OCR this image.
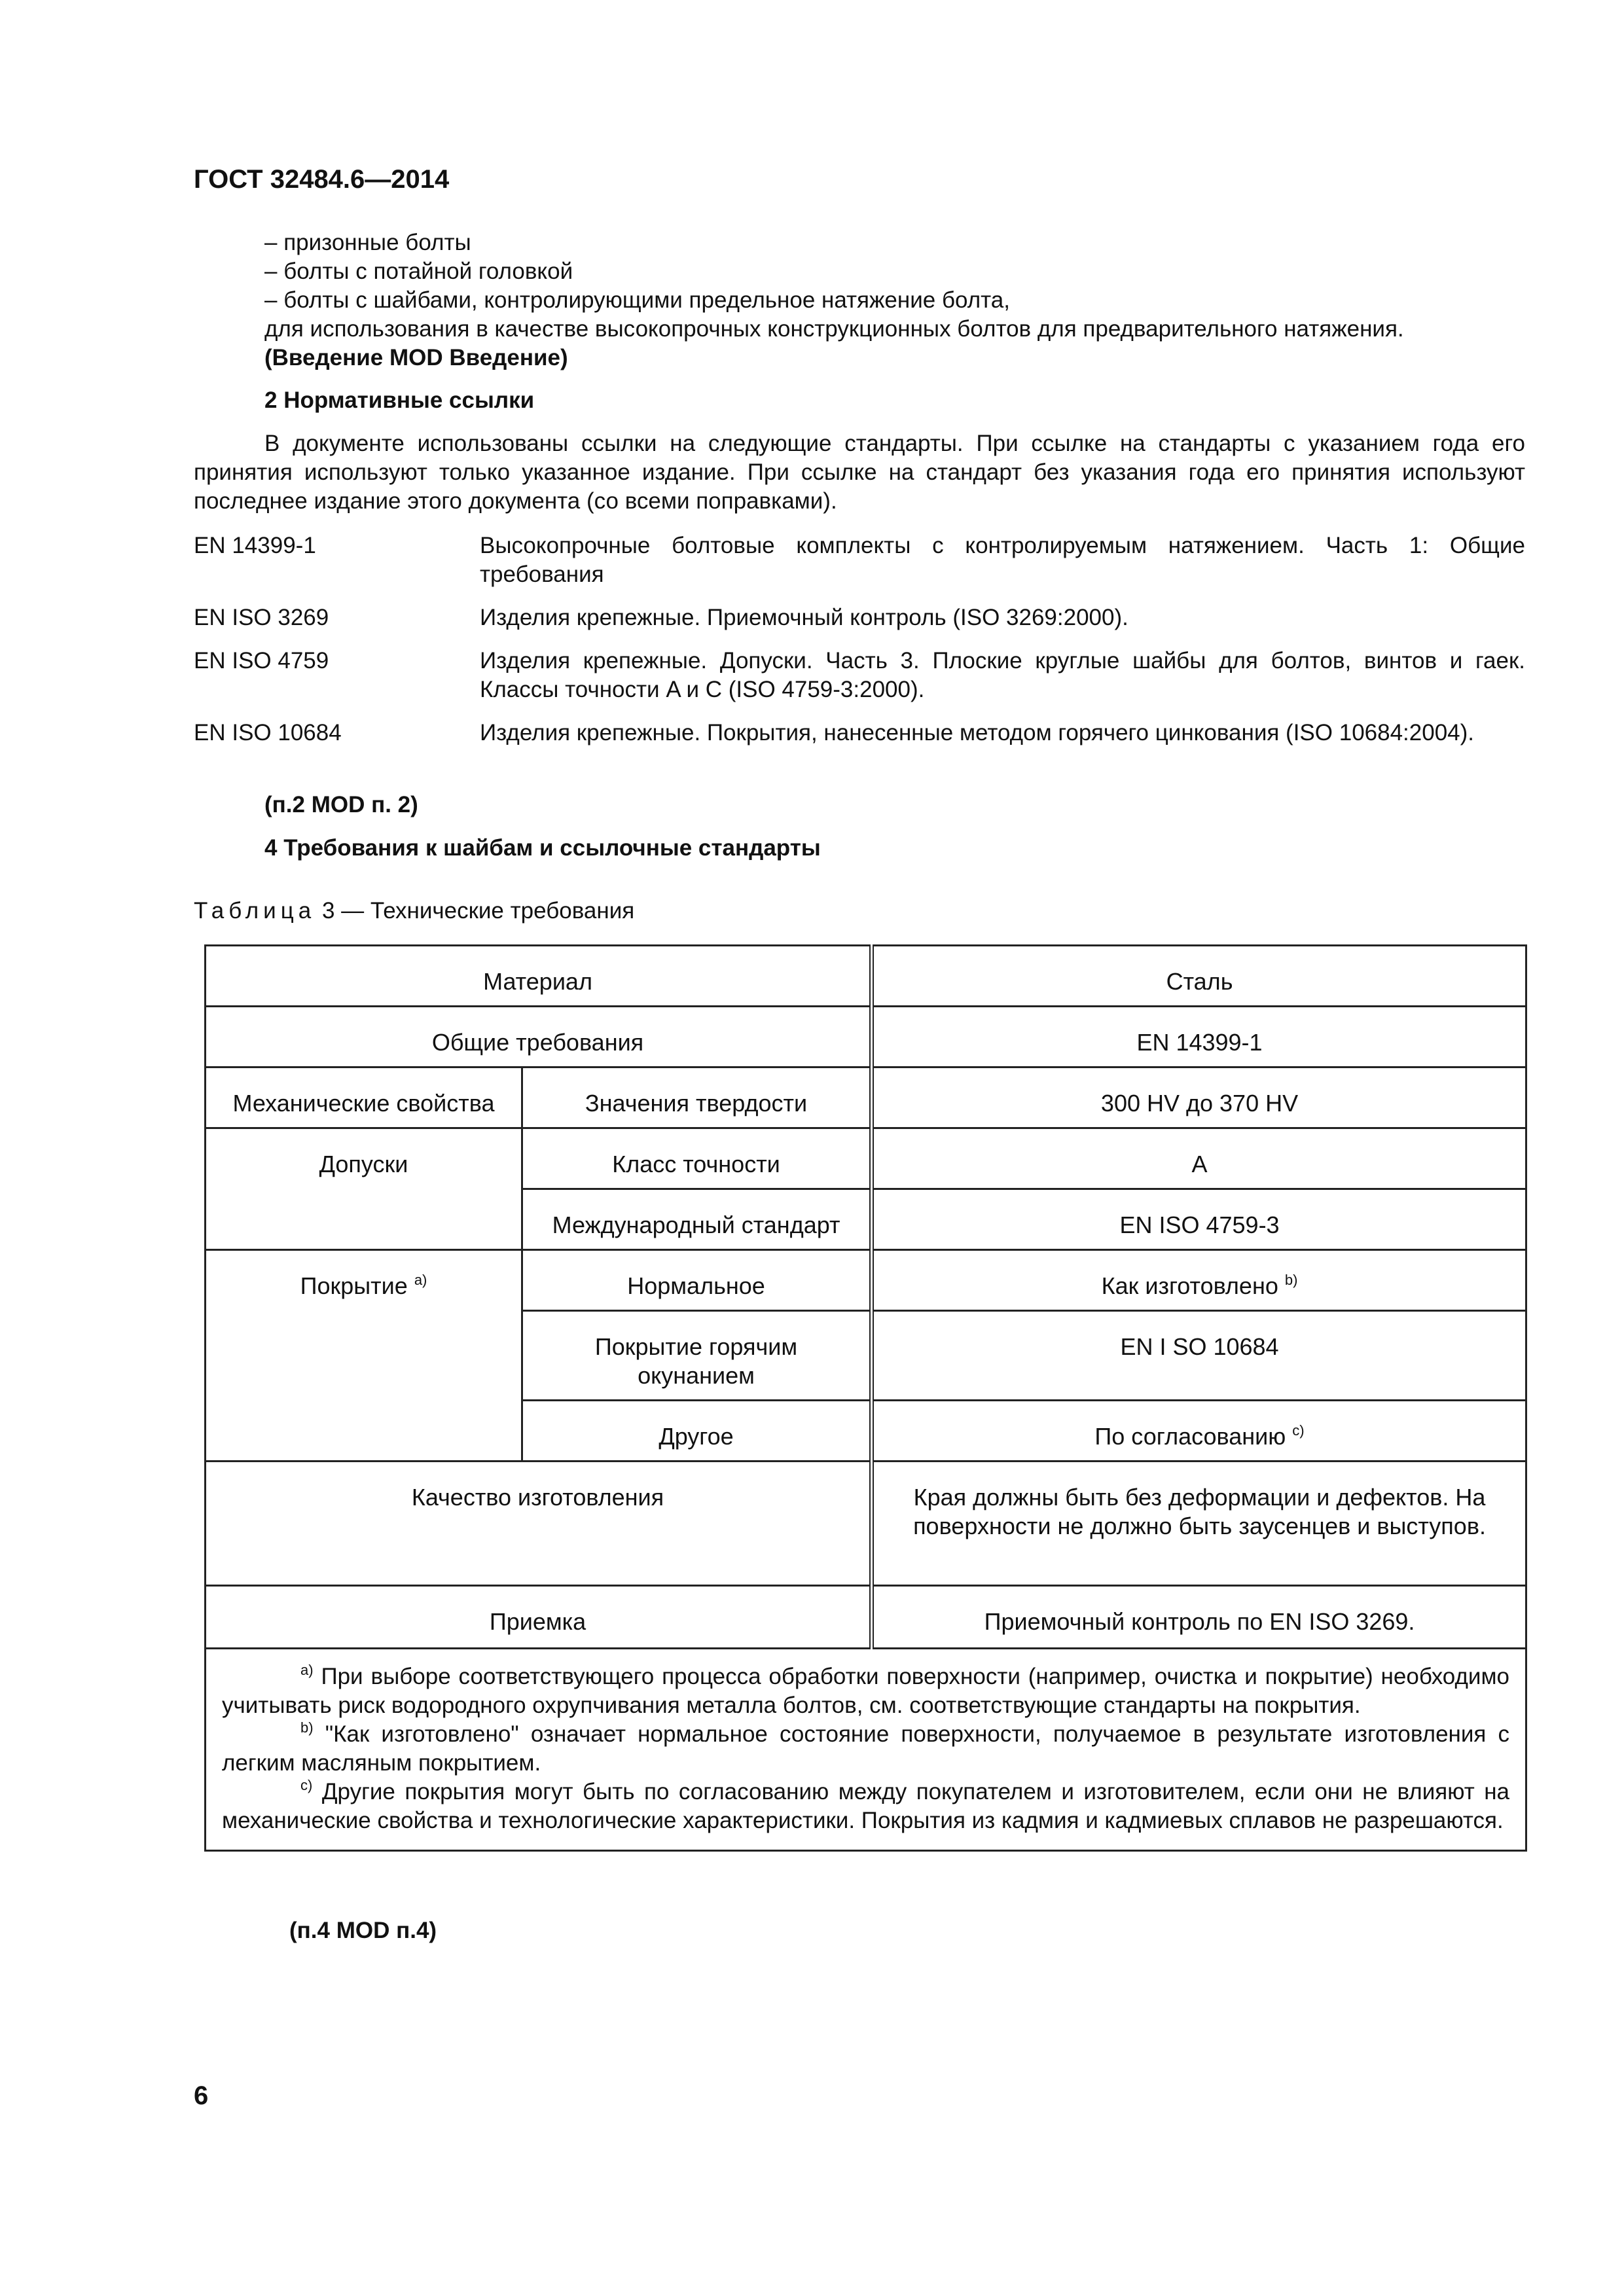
ГОСТ 32484.6—2014
– призонные болты
– болты с потайной головкой
– болты с шайбами, контролирующими предельное натяжение болта,
для использования в качестве высокопрочных конструкционных болтов для предварительного натяжения.
(Введение MOD Введение)
2 Нормативные ссылки
В документе использованы ссылки на следующие стандарты. При ссылке на стандарты с указанием года его принятия используют только указанное издание. При ссылке на стандарт без указания года его принятия используют последнее издание этого документа (со всеми поправками).
EN 14399-1	Высокопрочные болтовые комплекты с контролируемым натяжением. Часть 1: Общие требования
EN ISO 3269	Изделия крепежные. Приемочный контроль (ISO 3269:2000).
EN ISO 4759	Изделия крепежные. Допуски. Часть 3. Плоские круглые шайбы для болтов, винтов и гаек. Классы точности A и C (ISO 4759-3:2000).
EN ISO 10684	Изделия крепежные. Покрытия, нанесенные методом горячего цинкования (ISO 10684:2004).
(п.2 MOD п. 2)
4 Требования к шайбам и ссылочные стандарты
Таблица 3 — Технические требования
Материал		Сталь
Общие требования		EN 14399-1
Механические свойства	Значения твердости	300 HV до 370 HV
Допуски	Класс точности	A
	Международный стандарт	EN ISO 4759-3
Покрытие $^{a)}$	Нормальное	Как изготовлено $^{b)}$
	Покрытие горячим окунанием	EN I SO 10684
	Другое	По согласованию $^{c)}$
Качество изготовления		Края должны быть без деформации и дефектов. На поверхности не должно быть заусенцев и выступов.
Приемка		Приемочный контроль по EN ISO 3269.

$^{a)}$ При выборе соответствующего процесса обработки поверхности (например, очистка и покрытие) необходимо учитывать риск водородного охрупчивания металла болтов, см. соответствующие стандарты на покрытия.

$^{b)}$ "Как изготовлено" означает нормальное состояние поверхности, получаемое в результате изготовления с легким масляным покрытием.

$^{c)}$ Другие покрытия могут быть по согласованию между покупателем и изготовителем, если они не влияют на механические свойства и технологические характеристики. Покрытия из кадмия и кадмиевых сплавов не разрешаются.		

(п.4 MOD п.4)
6
